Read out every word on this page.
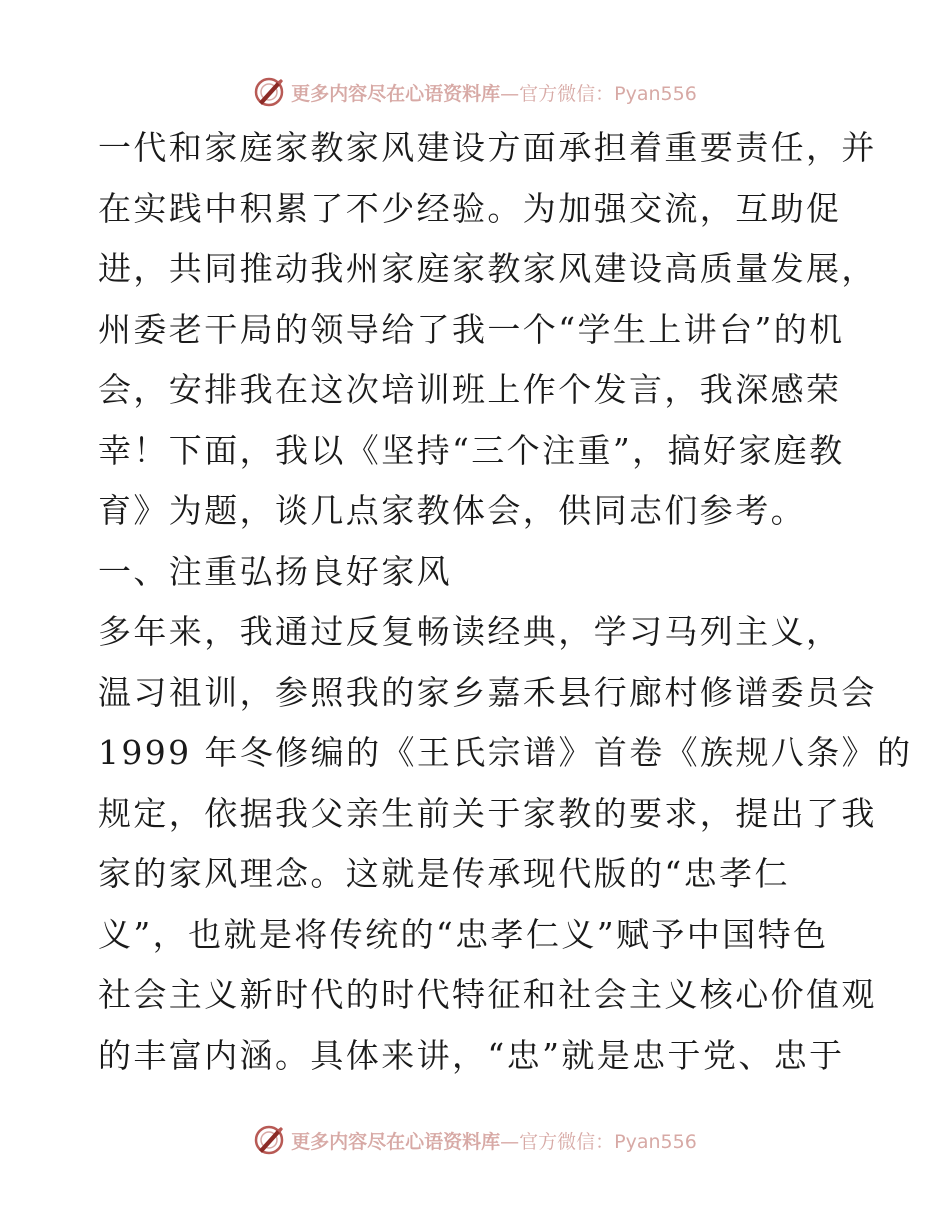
更多内容尽在心语资料库 —官方微信：Pyan556
一代和家庭家教家风建设方面承担着重要责任，并
在实践中积累了不少经验。为加强交流，互助促
进，共同推动我州家庭家教家风建设高质量发展，
州委老干局的领导给了我一个“学生上讲台”的机
会，安排我在这次培训班上作个发言，我深感荣
幸！下面，我以《坚持“三个注重”，搞好家庭教
育》为题，谈几点家教体会，供同志们参考。
一、注重弘扬良好家风
多年来，我通过反复畅读经典，学习马列主义，
温习祖训，参照我的家乡嘉禾县行廊村修谱委员会
1999 年冬修编的《王氏宗谱》首卷《族规八条》的
规定，依据我父亲生前关于家教的要求，提出了我
家的家风理念。这就是传承现代版的“忠孝仁
义”，也就是将传统的“忠孝仁义”赋予中国特色
社会主义新时代的时代特征和社会主义核心价值观
的丰富内涵。具体来讲，“忠”就是忠于党、忠于
更多内容尽在心语资料库 —官方微信：Pyan556
